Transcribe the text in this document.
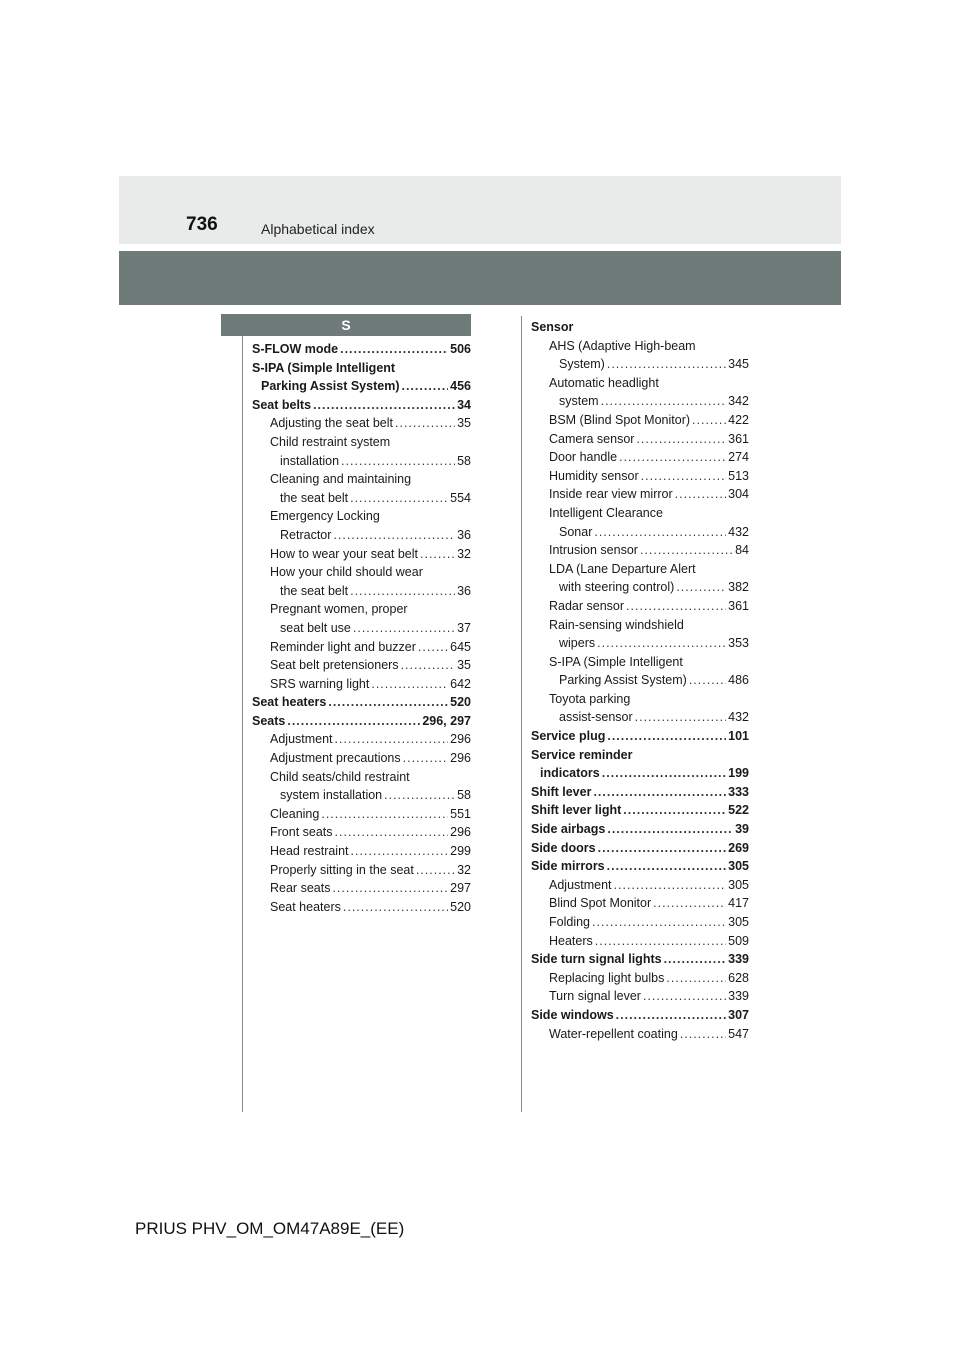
736	Alphabetical index
S
S-FLOW mode .....	506
S-IPA (Simple Intelligent
Parking Assist System) .....	456
Seat belts .....	34
Adjusting the seat belt .....	35
Child restraint system
installation .....	58
Cleaning and maintaining
the seat belt .....	554
Emergency Locking
Retractor .....	36
How to wear your seat belt .....	32
How your child should wear
the seat belt .....	36
Pregnant women, proper
seat belt use .....	37
Reminder light and buzzer .....	645
Seat belt pretensioners .....	35
SRS warning light .....	642
Seat heaters .....	520
Seats .....	296, 297
Adjustment .....	296
Adjustment precautions .....	296
Child seats/child restraint
system installation .....	58
Cleaning .....	551
Front seats .....	296
Head restraint .....	299
Properly sitting in the seat .....	32
Rear seats .....	297
Seat heaters .....	520
Sensor
AHS (Adaptive High-beam
System) .....	345
Automatic headlight
system .....	342
BSM (Blind Spot Monitor) .....	422
Camera sensor .....	361
Door handle .....	274
Humidity sensor .....	513
Inside rear view mirror .....	304
Intelligent Clearance
Sonar .....	432
Intrusion sensor .....	84
LDA (Lane Departure Alert
with steering control) .....	382
Radar sensor .....	361
Rain-sensing windshield
wipers .....	353
S-IPA (Simple Intelligent
Parking Assist System) .....	486
Toyota parking
assist-sensor .....	432
Service plug .....	101
Service reminder
indicators .....	199
Shift lever .....	333
Shift lever light .....	522
Side airbags .....	39
Side doors .....	269
Side mirrors .....	305
Adjustment .....	305
Blind Spot Monitor .....	417
Folding .....	305
Heaters .....	509
Side turn signal lights .....	339
Replacing light bulbs .....	628
Turn signal lever .....	339
Side windows .....	307
Water-repellent coating .....	547
PRIUS PHV_OM_OM47A89E_(EE)
